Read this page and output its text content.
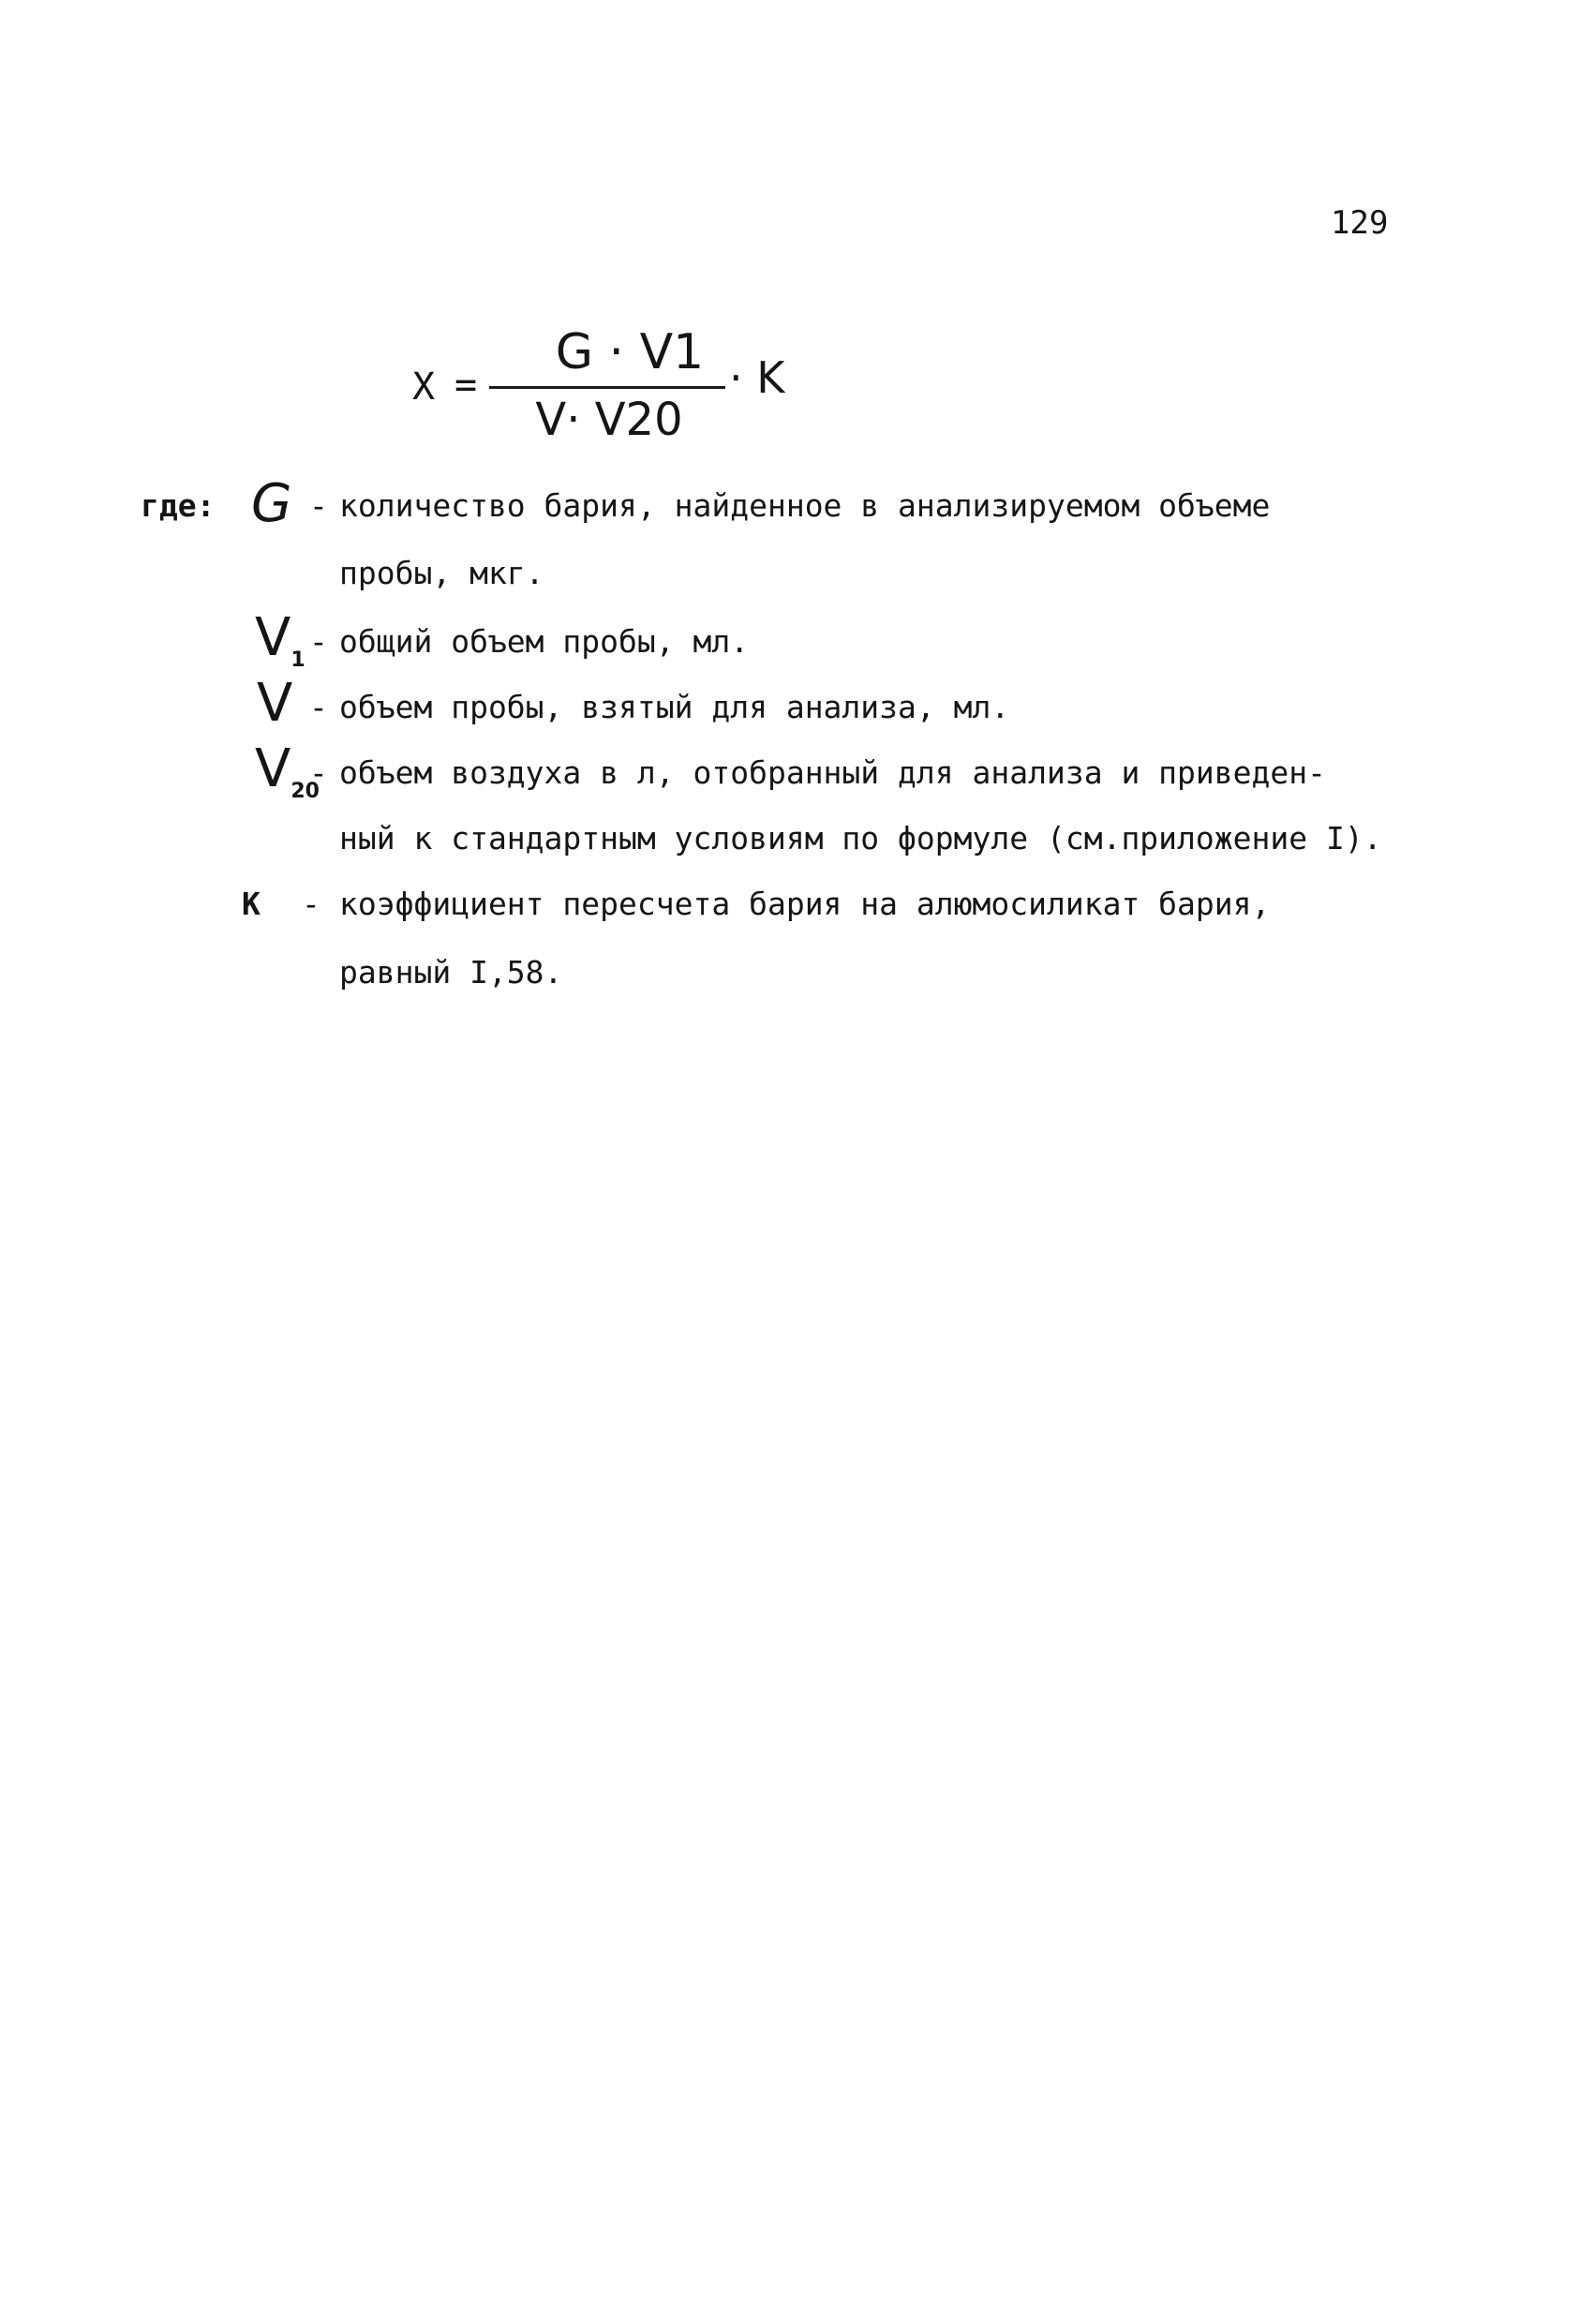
129
X =
G · V1
V· V20
· K
где: G - количество бария, найденное в анализируемом объеме
пробы, мкг.
$V_1$
- общий объем пробы, мл.
V - объем пробы, взятый для анализа, мл.
$V_{20}$
- объем воздуха в л, отобранный для анализа и приведен-
ный к стандартным условиям по формуле (см.приложение I).
К - коэффициент пересчета бария на алюмосиликат бария,
равный I,58.
